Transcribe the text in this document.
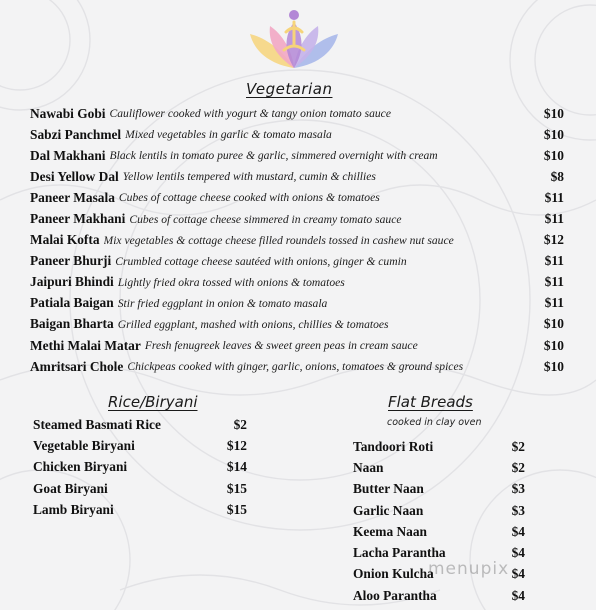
Vegetarian
Nawabi Gobi Cauliflower cooked with yogurt & tangy onion tomato sauce	$10
Sabzi Panchmel Mixed vegetables in garlic & tomato masala	$10
Dal Makhani Black lentils in tomato puree & garlic, simmered overnight with cream	$10
Desi Yellow Dal Yellow lentils tempered with mustard, cumin & chillies	$8
Paneer Masala Cubes of cottage cheese cooked with onions & tomatoes	$11
Paneer Makhani Cubes of cottage cheese simmered in creamy tomato sauce	$11
Malai Kofta Mix vegetables & cottage cheese filled roundels tossed in cashew nut sauce	$12
Paneer Bhurji Crumbled cottage cheese sautéed with onions, ginger & cumin	$11
Jaipuri Bhindi Lightly fried okra tossed with onions & tomatoes	$11
Patiala Baigan Stir fried eggplant in onion & tomato masala	$11
Baigan Bharta Grilled eggplant, mashed with onions, chillies & tomatoes	$10
Methi Malai Matar Fresh fenugreek leaves & sweet green peas in cream sauce	$10
Amritsari Chole Chickpeas cooked with ginger, garlic, onions, tomatoes & ground spices	$10
Rice/Biryani
Steamed Basmati Rice	$2
Vegetable Biryani	$12
Chicken Biryani	$14
Goat Biryani	$15
Lamb Biryani	$15
Flat Breads

cooked in clay oven

Tandoori Roti	$2
Naan	$2
Butter Naan	$3
Garlic Naan	$3
Keema Naan	$4
Lacha Parantha	$4
Onion Kulcha	$4
Aloo Parantha	$4

menupix
